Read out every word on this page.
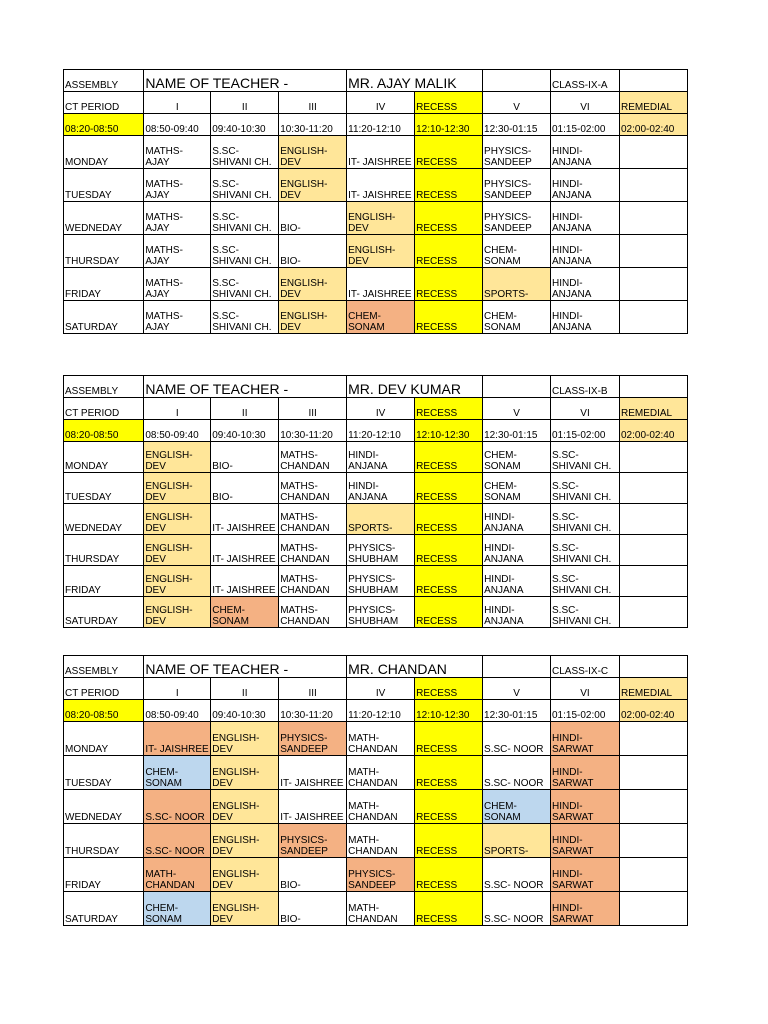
ASSEMBLY	NAME OF TEACHER -			MR. AJAY MALIK			CLASS-IX-A	
CT PERIOD	I	II	III	IV	RECESS	V	VI	REMEDIAL
08:20-08:50	08:50-09:40	09:40-10:30	10:30-11:20	11:20-12:10	12:10-12:30	12:30-01:15	01:15-02:00	02:00-02:40
MONDAY	MATHS- AJAY	S.SC- SHIVANI CH.	ENGLISH- DEV	IT- JAISHREE	RECESS	PHYSICS- SANDEEP	HINDI- ANJANA	
TUESDAY	MATHS- AJAY	S.SC- SHIVANI CH.	ENGLISH- DEV	IT- JAISHREE	RECESS	PHYSICS- SANDEEP	HINDI- ANJANA	
WEDNEDAY	MATHS- AJAY	S.SC- SHIVANI CH.	BIO-	ENGLISH- DEV	RECESS	PHYSICS- SANDEEP	HINDI- ANJANA	
THURSDAY	MATHS- AJAY	S.SC- SHIVANI CH.	BIO-	ENGLISH- DEV	RECESS	CHEM- SONAM	HINDI- ANJANA	
FRIDAY	MATHS- AJAY	S.SC- SHIVANI CH.	ENGLISH- DEV	IT- JAISHREE	RECESS	SPORTS-	HINDI- ANJANA	
SATURDAY	MATHS- AJAY	S.SC- SHIVANI CH.	ENGLISH- DEV	CHEM- SONAM	RECESS	CHEM- SONAM	HINDI- ANJANA	
ASSEMBLY	NAME OF TEACHER -			MR. DEV KUMAR			CLASS-IX-B	
CT PERIOD	I	II	III	IV	RECESS	V	VI	REMEDIAL
08:20-08:50	08:50-09:40	09:40-10:30	10:30-11:20	11:20-12:10	12:10-12:30	12:30-01:15	01:15-02:00	02:00-02:40
MONDAY	ENGLISH- DEV	BIO-	MATHS- CHANDAN	HINDI- ANJANA	RECESS	CHEM- SONAM	S.SC- SHIVANI CH.	
TUESDAY	ENGLISH- DEV	BIO-	MATHS- CHANDAN	HINDI- ANJANA	RECESS	CHEM- SONAM	S.SC- SHIVANI CH.	
WEDNEDAY	ENGLISH- DEV	IT- JAISHREE	MATHS- CHANDAN	SPORTS-	RECESS	HINDI- ANJANA	S.SC- SHIVANI CH.	
THURSDAY	ENGLISH- DEV	IT- JAISHREE	MATHS- CHANDAN	PHYSICS- SHUBHAM	RECESS	HINDI- ANJANA	S.SC- SHIVANI CH.	
FRIDAY	ENGLISH- DEV	IT- JAISHREE	MATHS- CHANDAN	PHYSICS- SHUBHAM	RECESS	HINDI- ANJANA	S.SC- SHIVANI CH.	
SATURDAY	ENGLISH- DEV	CHEM- SONAM	MATHS- CHANDAN	PHYSICS- SHUBHAM	RECESS	HINDI- ANJANA	S.SC- SHIVANI CH.	
ASSEMBLY	NAME OF TEACHER -			MR. CHANDAN			CLASS-IX-C	
CT PERIOD	I	II	III	IV	RECESS	V	VI	REMEDIAL
08:20-08:50	08:50-09:40	09:40-10:30	10:30-11:20	11:20-12:10	12:10-12:30	12:30-01:15	01:15-02:00	02:00-02:40
MONDAY	IT- JAISHREE	ENGLISH- DEV	PHYSICS- SANDEEP	MATH- CHANDAN	RECESS	S.SC- NOOR	HINDI- SARWAT	
TUESDAY	CHEM- SONAM	ENGLISH- DEV	IT- JAISHREE	MATH- CHANDAN	RECESS	S.SC- NOOR	HINDI- SARWAT	
WEDNEDAY	S.SC- NOOR	ENGLISH- DEV	IT- JAISHREE	MATH- CHANDAN	RECESS	CHEM- SONAM	HINDI- SARWAT	
THURSDAY	S.SC- NOOR	ENGLISH- DEV	PHYSICS- SANDEEP	MATH- CHANDAN	RECESS	SPORTS-	HINDI- SARWAT	
FRIDAY	MATH- CHANDAN	ENGLISH- DEV	BIO-	PHYSICS- SANDEEP	RECESS	S.SC- NOOR	HINDI- SARWAT	
SATURDAY	CHEM- SONAM	ENGLISH- DEV	BIO-	MATH- CHANDAN	RECESS	S.SC- NOOR	HINDI- SARWAT	
